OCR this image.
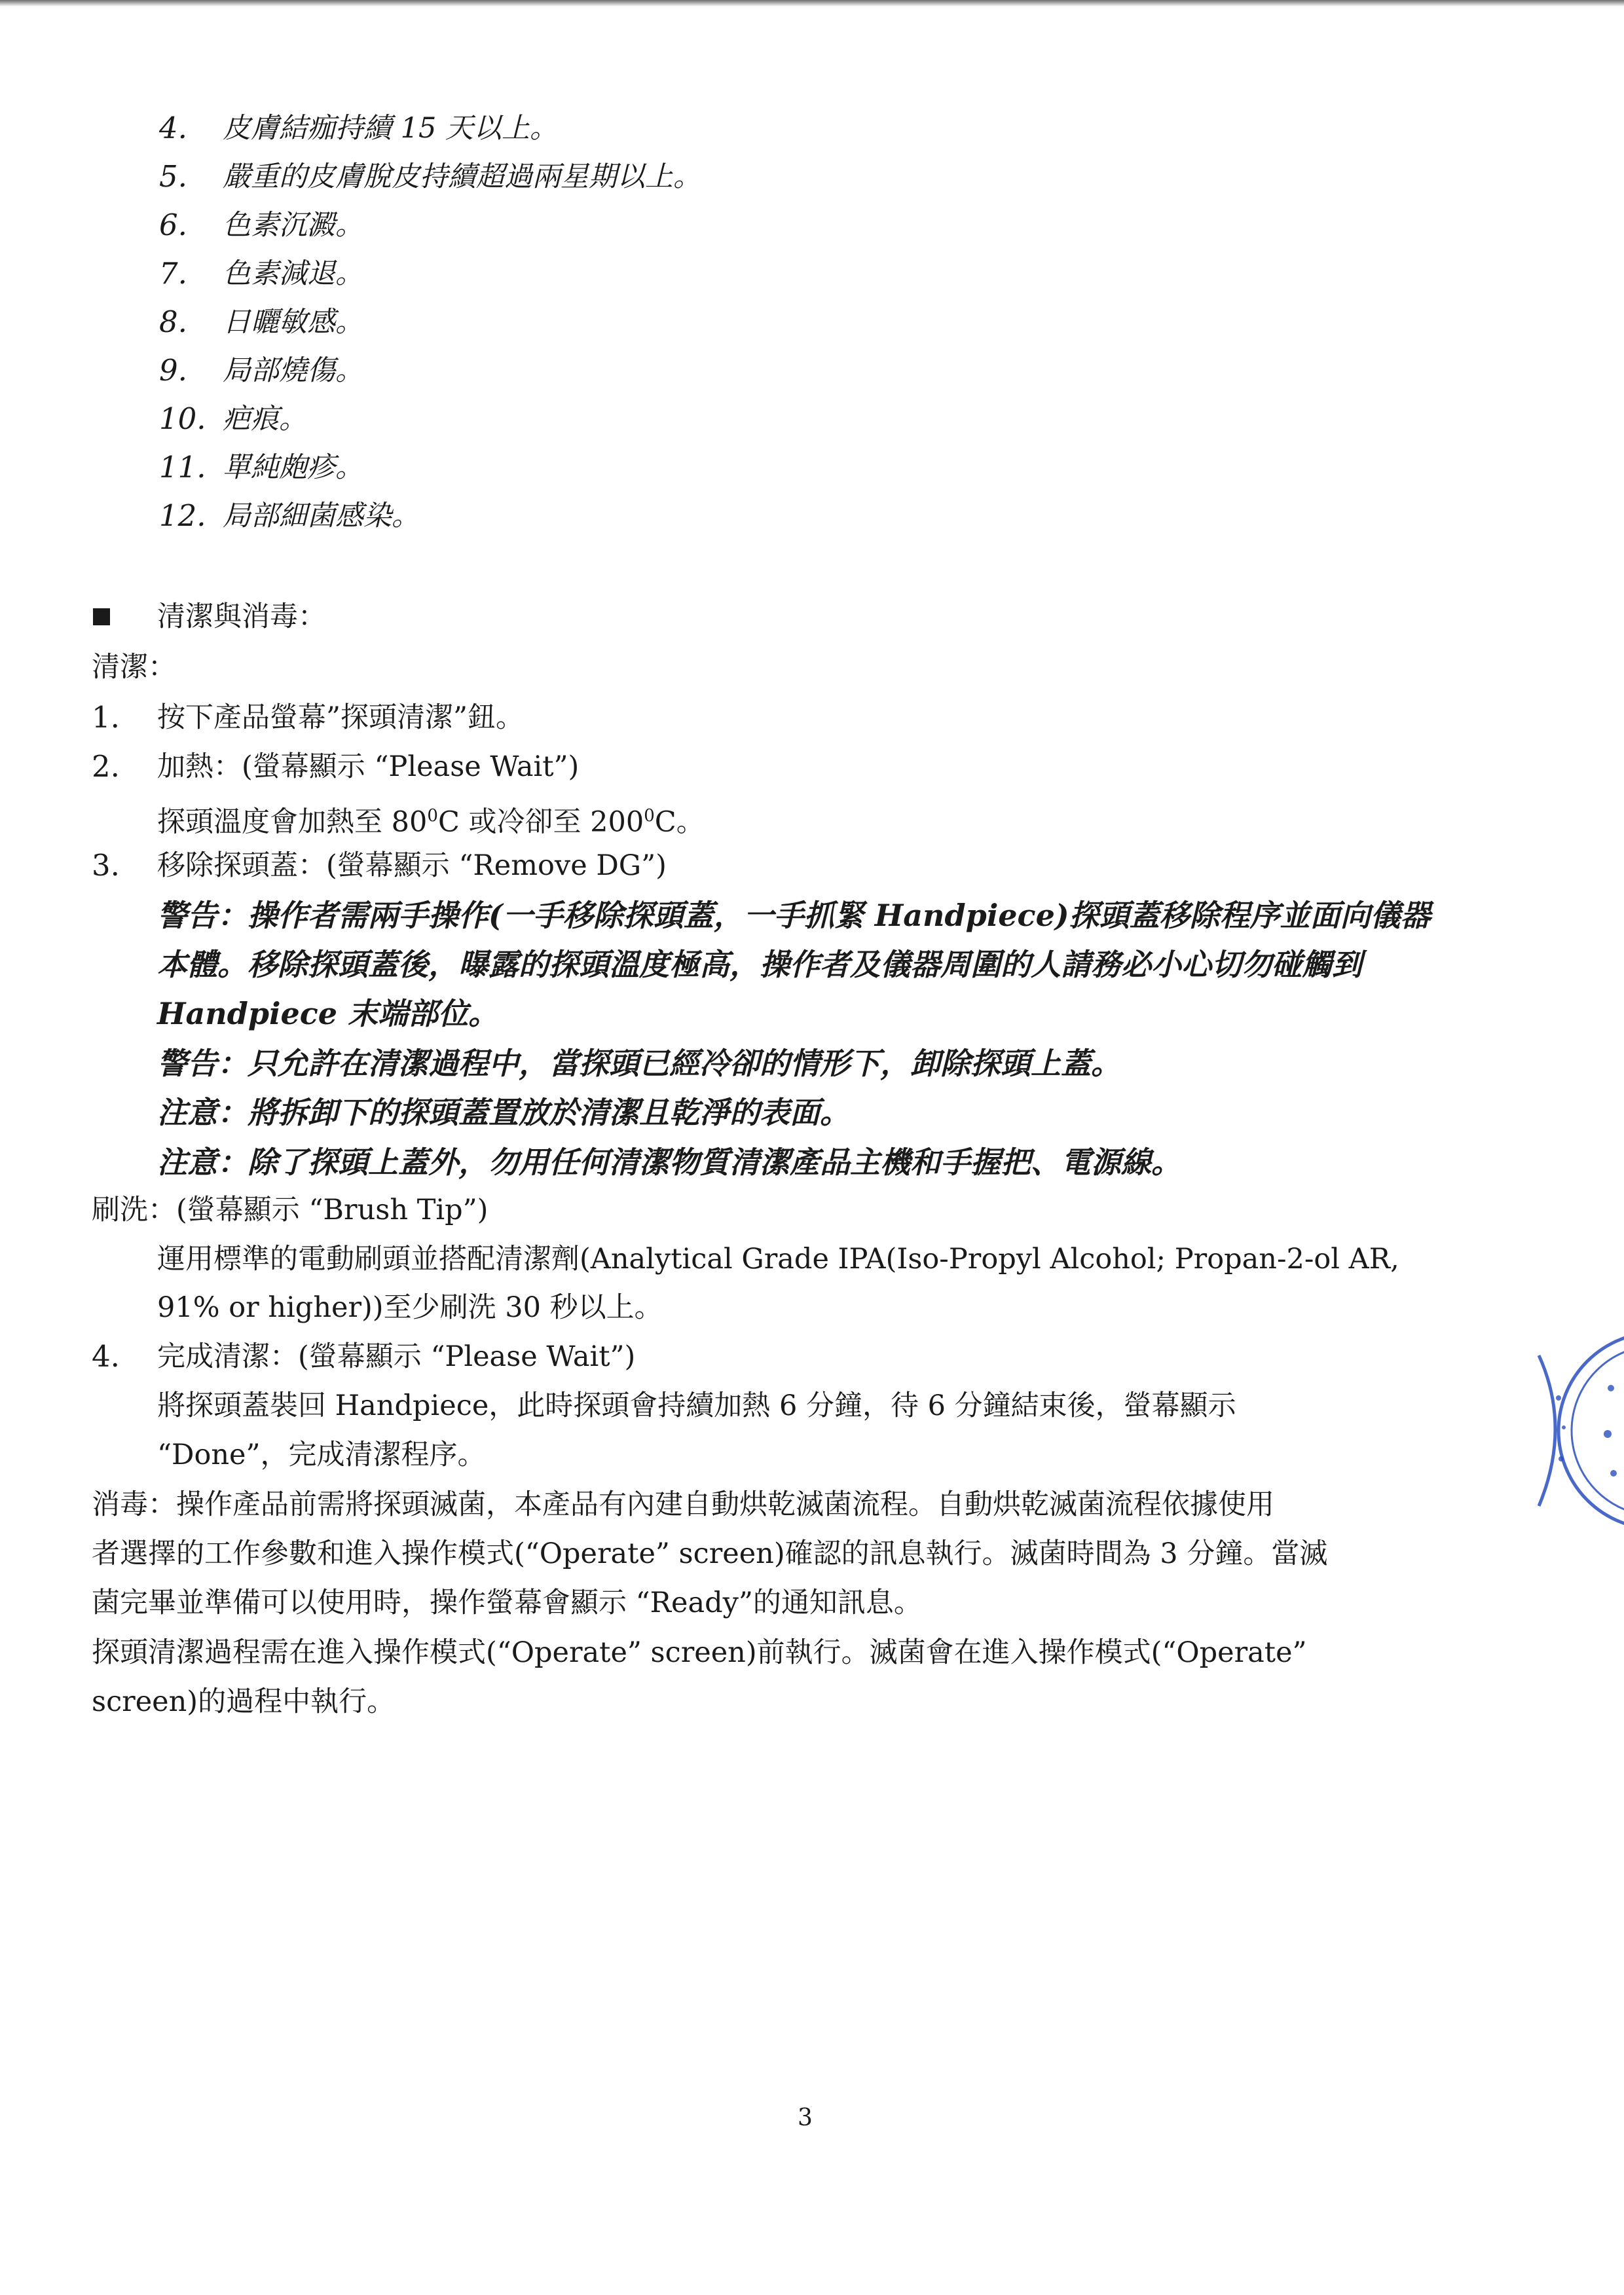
4. 皮膚結痂持續 15 天以上。
5. 嚴重的皮膚脫皮持續超過兩星期以上。
6. 色素沉澱。
7. 色素減退。
8. 日曬敏感。
9. 局部燒傷。
10. 疤痕。
11. 單純皰疹。
12. 局部細菌感染。
清潔與消毒：
清潔：
1. 按下產品螢幕”探頭清潔”鈕。
2. 加熱：(螢幕顯示 “Please Wait”)
探頭溫度會加熱至 $80^0C$ 或冷卻至 $200^0C$。
3. 移除探頭蓋：(螢幕顯示 “Remove DG”)
警告：操作者需兩手操作(一手移除探頭蓋，一手抓緊 Handpiece)探頭蓋移除程序並面向儀器
本體。移除探頭蓋後，曝露的探頭溫度極高，操作者及儀器周圍的人請務必小心切勿碰觸到
Handpiece 末端部位。
警告：只允許在清潔過程中，當探頭已經冷卻的情形下，卸除探頭上蓋。
注意：將拆卸下的探頭蓋置放於清潔且乾淨的表面。
注意：除了探頭上蓋外，勿用任何清潔物質清潔產品主機和手握把、電源線。
刷洗：(螢幕顯示 “Brush Tip”)
運用標準的電動刷頭並搭配清潔劑(Analytical Grade IPA(Iso-Propyl Alcohol; Propan-2-ol AR,
91% or higher))至少刷洗 30 秒以上。
4. 完成清潔：(螢幕顯示 “Please Wait”)
將探頭蓋裝回 Handpiece，此時探頭會持續加熱 6 分鐘，待 6 分鐘結束後，螢幕顯示
“Done”，完成清潔程序。
消毒：操作產品前需將探頭滅菌，本產品有內建自動烘乾滅菌流程。自動烘乾滅菌流程依據使用
者選擇的工作參數和進入操作模式(“Operate” screen)確認的訊息執行。滅菌時間為 3 分鐘。當滅
菌完畢並準備可以使用時，操作螢幕會顯示 “Ready”的通知訊息。
探頭清潔過程需在進入操作模式(“Operate” screen)前執行。滅菌會在進入操作模式(“Operate”
screen)的過程中執行。
3
